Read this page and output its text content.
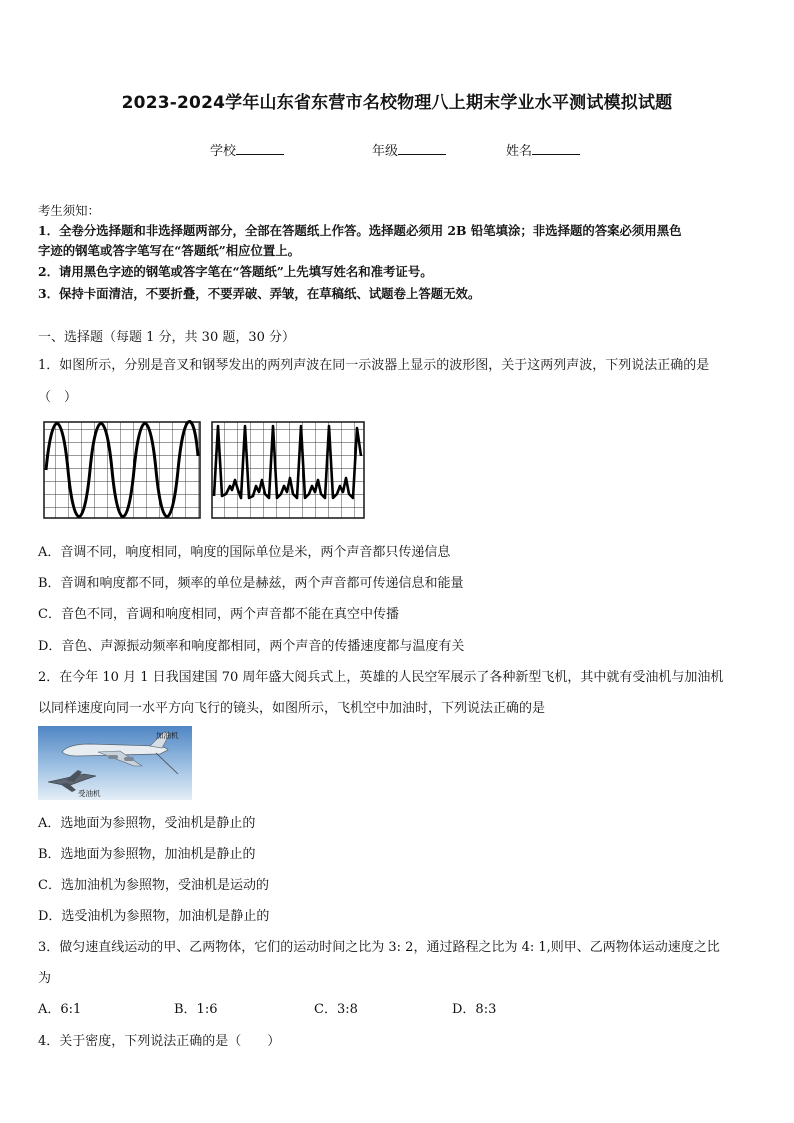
2023-2024学年山东省东营市名校物理八上期末学业水平测试模拟试题
学校	年级	姓名
考生须知：
1．全卷分选择题和非选择题两部分，全部在答题纸上作答。选择题必须用 2B 铅笔填涂；非选择题的答案必须用黑色
字迹的钢笔或答字笔写在“答题纸”相应位置上。
2．请用黑色字迹的钢笔或答字笔在“答题纸”上先填写姓名和准考证号。
3．保持卡面清洁，不要折叠，不要弄破、弄皱，在草稿纸、试题卷上答题无效。
一、选择题（每题 1 分，共 30 题，30 分）
1．如图所示，分别是音叉和钢琴发出的两列声波在同一示波器上显示的波形图，关于这两列声波，下列说法正确的是
（　）
A．音调不同，响度相同，响度的国际单位是米，两个声音都只传递信息
B．音调和响度都不同，频率的单位是赫兹，两个声音都可传递信息和能量
C．音色不同，音调和响度相同，两个声音都不能在真空中传播
D．音色、声源振动频率和响度都相同，两个声音的传播速度都与温度有关
2．在今年 10 月 1 日我国建国 70 周年盛大阅兵式上，英雄的人民空军展示了各种新型飞机，其中就有受油机与加油机
以同样速度向同一水平方向飞行的镜头，如图所示，飞机空中加油时，下列说法正确的是
加油机
受油机
A．选地面为参照物，受油机是静止的
B．选地面为参照物，加油机是静止的
C．选加油机为参照物，受油机是运动的
D．选受油机为参照物，加油机是静止的
3．做匀速直线运动的甲、乙两物体，它们的运动时间之比为 3: 2，通过路程之比为 4: 1,则甲、乙两物体运动速度之比
为
A．6:1	B．1:6	C．3:8	D．8:3
4．关于密度，下列说法正确的是（　　）
